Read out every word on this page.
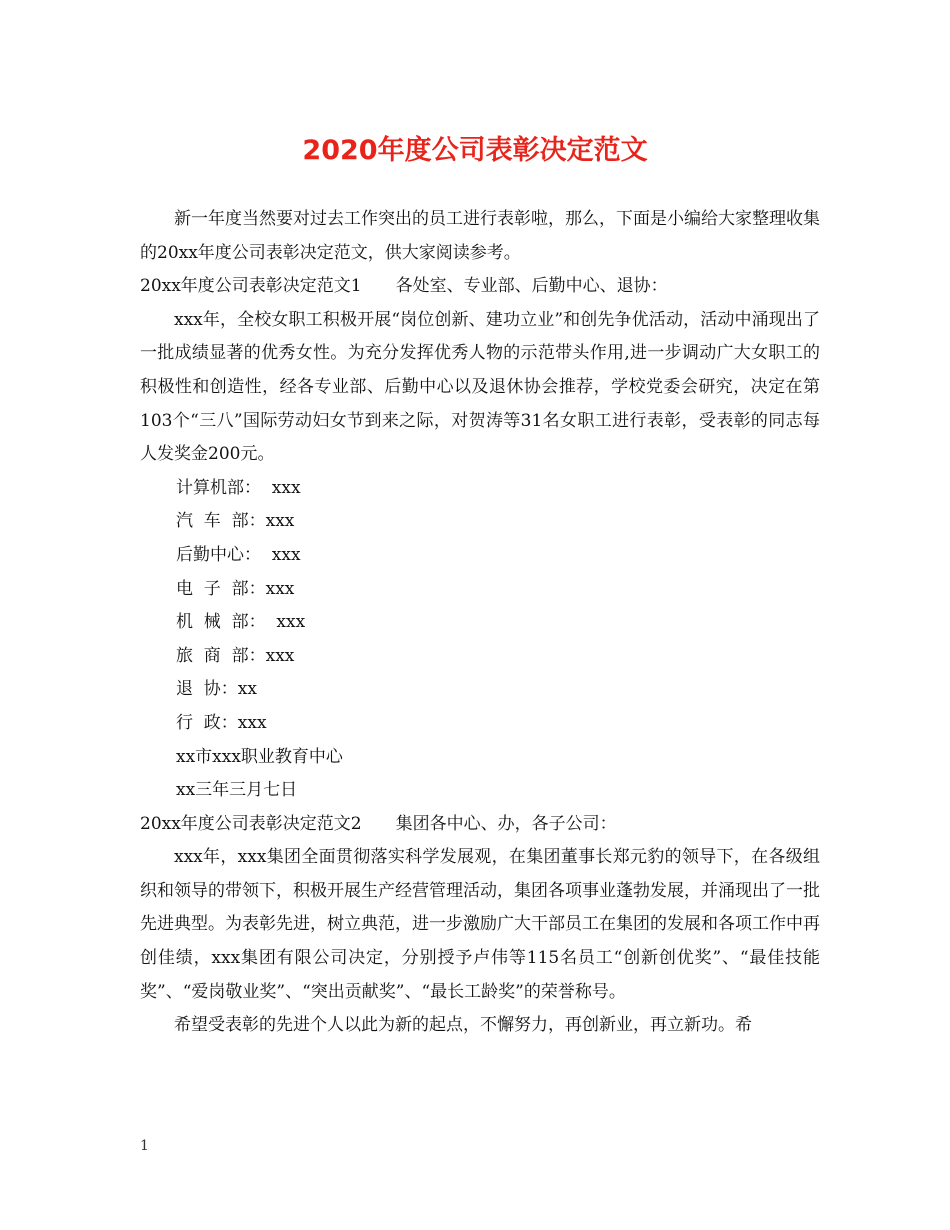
2020年度公司表彰决定范文

新一年度当然要对过去工作突出的员工进行表彰啦，那么，下面是小编给大家整理收集的20xx年度公司表彰决定范文，供大家阅读参考。

20xx年度公司表彰决定范文1　　各处室、专业部、后勤中心、退协：

xxx年，全校女职工积极开展“岗位创新、建功立业”和创先争优活动，活动中涌现出了一批成绩显著的优秀女性。为充分发挥优秀人物的示范带头作用,进一步调动广大女职工的积极性和创造性，经各专业部、后勤中心以及退休协会推荐，学校党委会研究，决定在第103个“三八”国际劳动妇女节到来之际，对贺涛等31名女职工进行表彰，受表彰的同志每人发奖金200元。

计算机部：  xxx

汽  车  部：xxx

后勤中心：  xxx

电  子  部：xxx

机  械  部：  xxx

旅  商  部：xxx

退  协：xx

行  政：xxx

xx市xxx职业教育中心

xx三年三月七日

20xx年度公司表彰决定范文2　　集团各中心、办，各子公司：

xxx年，xxx集团全面贯彻落实科学发展观，在集团董事长郑元豹的领导下，在各级组织和领导的带领下，积极开展生产经营管理活动，集团各项事业蓬勃发展，并涌现出了一批先进典型。为表彰先进，树立典范，进一步激励广大干部员工在集团的发展和各项工作中再创佳绩，xxx集团有限公司决定，分别授予卢伟等115名员工“创新创优奖”、“最佳技能奖”、“爱岗敬业奖”、“突出贡献奖”、“最长工龄奖”的荣誉称号。

希望受表彰的先进个人以此为新的起点，不懈努力，再创新业，再立新功。希

1
